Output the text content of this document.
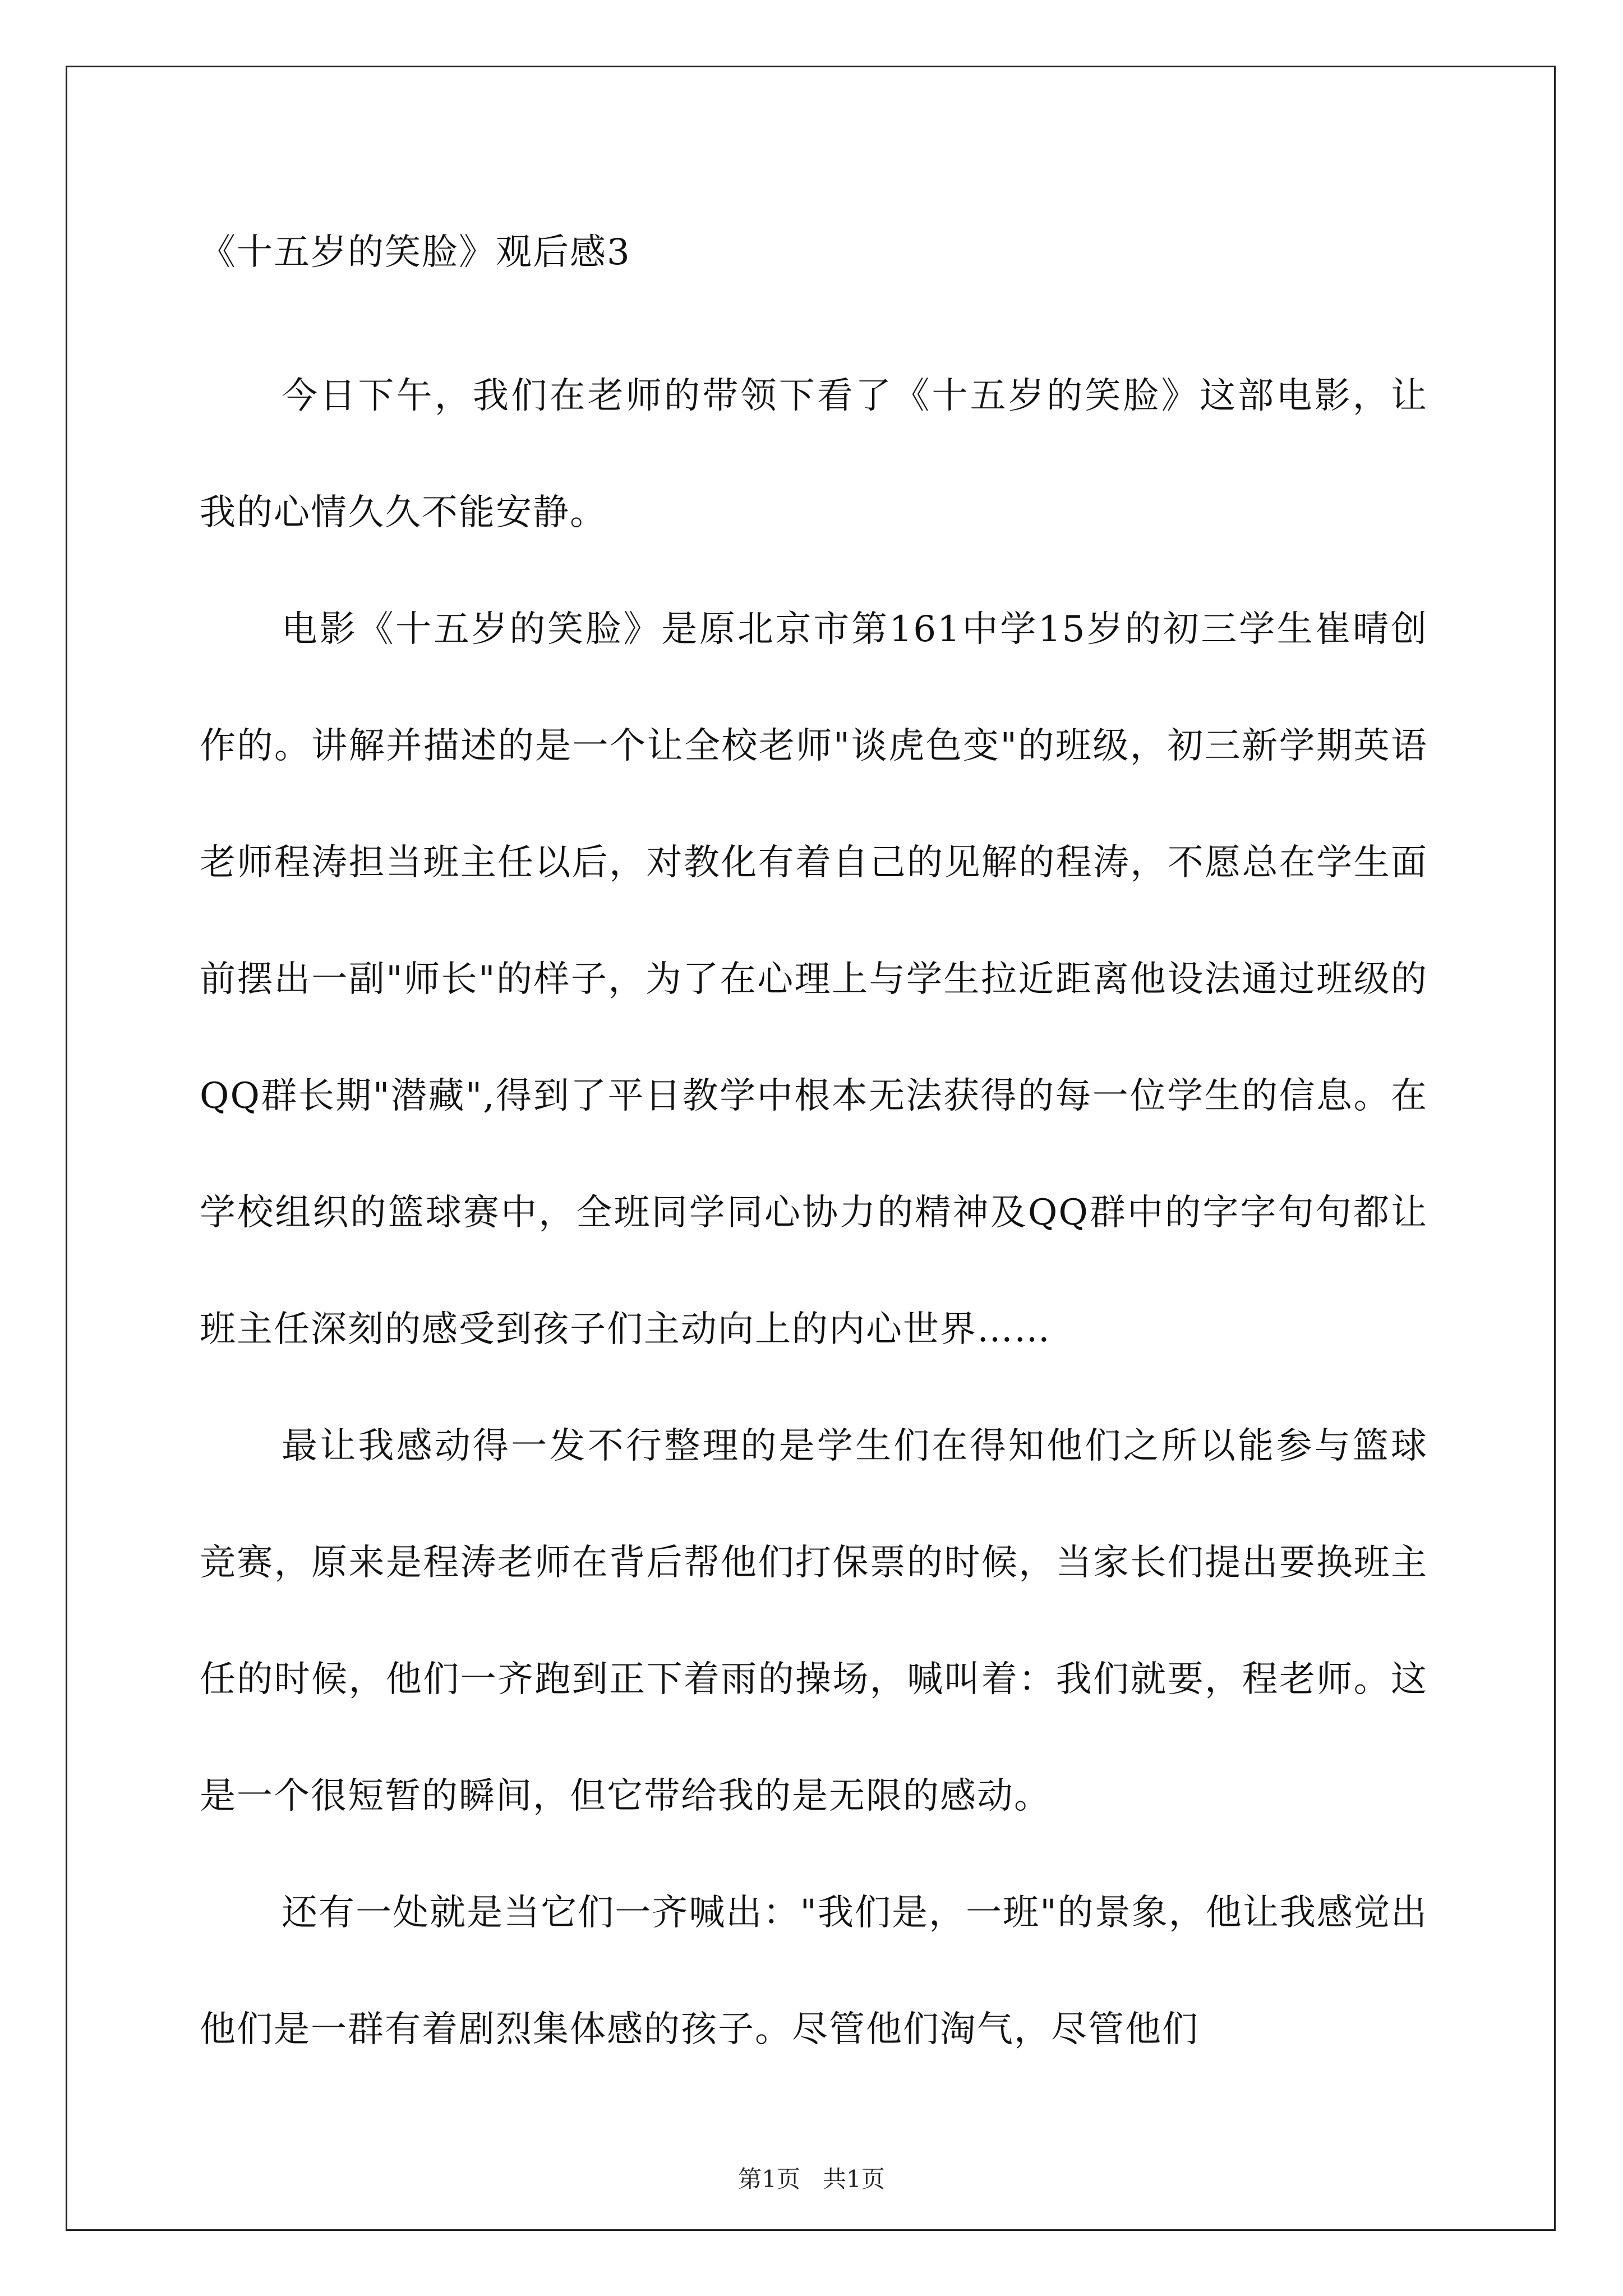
《十五岁的笑脸》观后感3

今日下午，我们在老师的带领下看了《十五岁的笑脸》这部电影，让我的心情久久不能安静。

电影《十五岁的笑脸》是原北京市第161中学15岁的初三学生崔晴创作的。讲解并描述的是一个让全校老师"谈虎色变"的班级，初三新学期英语老师程涛担当班主任以后，对教化有着自己的见解的程涛，不愿总在学生面前摆出一副"师长"的样子，为了在心理上与学生拉近距离他设法通过班级的QQ群长期"潜藏",得到了平日教学中根本无法获得的每一位学生的信息。在学校组织的篮球赛中，全班同学同心协力的精神及QQ群中的字字句句都让班主任深刻的感受到孩子们主动向上的内心世界……

最让我感动得一发不行整理的是学生们在得知他们之所以能参与篮球竞赛，原来是程涛老师在背后帮他们打保票的时候，当家长们提出要换班主任的时候，他们一齐跑到正下着雨的操场，喊叫着：我们就要，程老师。这是一个很短暂的瞬间，但它带给我的是无限的感动。

还有一处就是当它们一齐喊出："我们是，一班"的景象，他让我感觉出他们是一群有着剧烈集体感的孩子。尽管他们淘气，尽管他们

第1页   共1页
